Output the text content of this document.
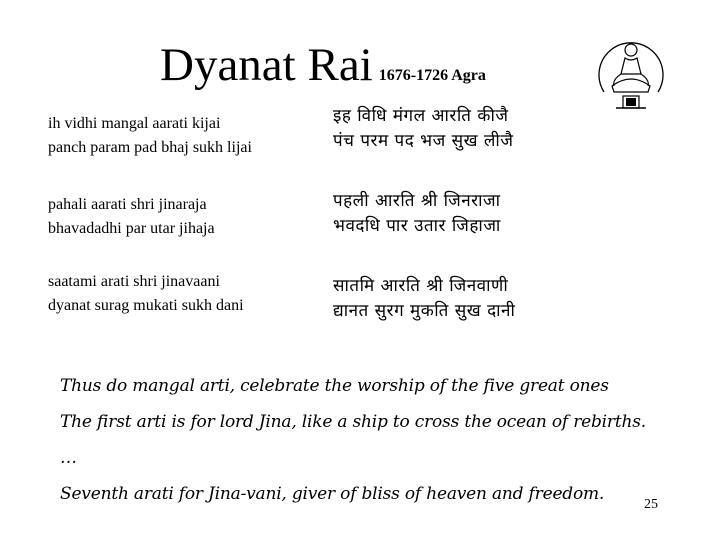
Dyanat Rai 1676-1726 Agra
ih vidhi mangal aarati kijai
panch param pad bhaj sukh lijai
इह विधि मंगल आरति कीजै
पंच परम पद भज सुख लीजै
pahali aarati shri jinaraja
bhavadadhi par utar jihaja
पहली आरति श्री जिनराजा
भवदधि पार उतार जिहाजा
saatami arati shri jinavaani
dyanat surag mukati sukh dani
सातमि आरति श्री जिनवाणी
द्यानत सुरग मुकति सुख दानी
Thus do mangal arti, celebrate the worship of the five great ones
The first arti is for lord Jina, like a ship to cross the ocean of rebirths.
…
Seventh arati for Jina-vani, giver of bliss of heaven and freedom.
25
